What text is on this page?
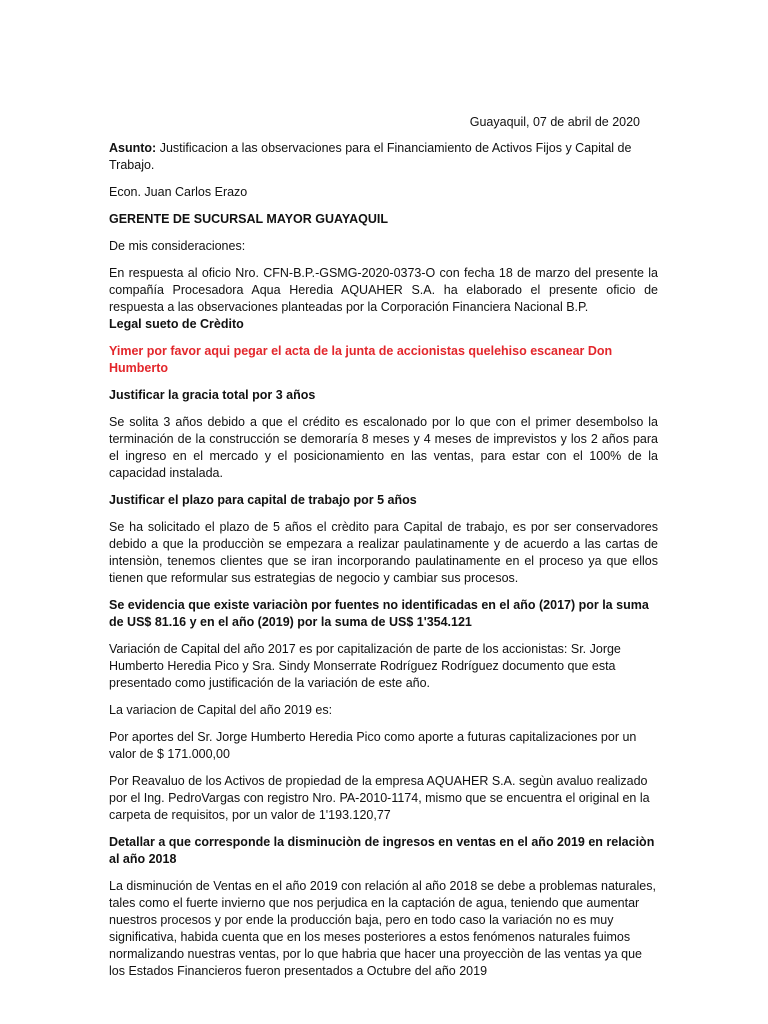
Guayaquil, 07 de abril de 2020

Asunto: Justificacion a las observaciones para el Financiamiento de Activos Fijos y Capital de Trabajo.

Econ. Juan Carlos Erazo

GERENTE DE SUCURSAL MAYOR GUAYAQUIL

De mis consideraciones:

En respuesta al oficio Nro. CFN-B.P.-GSMG-2020-0373-O con fecha 18 de marzo del presente la compañía Procesadora Aqua Heredia AQUAHER S.A. ha elaborado el presente oficio de respuesta a las observaciones planteadas por la Corporación Financiera Nacional B.P.

Legal sueto de Crèdito

Yimer por favor aqui pegar el acta de la junta de accionistas quelehiso escanear Don Humberto

Justificar la gracia total por 3 años

Se solita 3 años debido a que el crédito es escalonado por lo que con el primer desembolso la terminación de la construcción se demoraría 8 meses y 4 meses de imprevistos y los 2 años para el ingreso en el mercado y el posicionamiento en las ventas, para estar con el 100% de la capacidad instalada.

Justificar el plazo para capital de trabajo por 5 años

Se ha solicitado el plazo de 5 años el crèdito para Capital de trabajo, es por ser conservadores debido a que la producciòn se empezara a realizar paulatinamente y de acuerdo a las cartas de intensiòn, tenemos clientes que se iran incorporando paulatinamente en el proceso ya que ellos tienen que reformular sus estrategias de negocio y cambiar sus procesos.

Se evidencia que existe variaciòn por fuentes no identificadas en el año (2017) por la suma de US$ 81.16 y en el año (2019) por la suma de US$ 1'354.121

Variación de Capital del año 2017 es por capitalización de parte de los accionistas: Sr. Jorge Humberto Heredia Pico y Sra. Sindy Monserrate Rodríguez Rodríguez documento que esta presentado como justificación de la variación de este año.

La variacion de Capital del año 2019 es:

Por aportes del Sr. Jorge Humberto Heredia Pico como aporte a futuras capitalizaciones por un valor de $ 171.000,00

Por Reavaluo de los Activos de propiedad de la empresa AQUAHER S.A. segùn avaluo realizado por el Ing. PedroVargas con registro Nro. PA-2010-1174, mismo que se encuentra el original en la carpeta de requisitos, por un valor de 1'193.120,77

Detallar a que corresponde la disminuciòn de ingresos en ventas en el año 2019 en relaciòn al año 2018

La disminución de Ventas en el año 2019 con relación al año 2018 se debe a problemas naturales, tales como el fuerte invierno que nos perjudica en la captación de agua, teniendo que aumentar nuestros procesos y por ende la producción baja, pero en todo caso la variación no es muy significativa, habida cuenta que en los meses posteriores a estos fenómenos naturales fuimos normalizando nuestras ventas, por lo que habria que hacer una proyecciòn de las ventas ya que los Estados Financieros fueron presentados a Octubre del año 2019
